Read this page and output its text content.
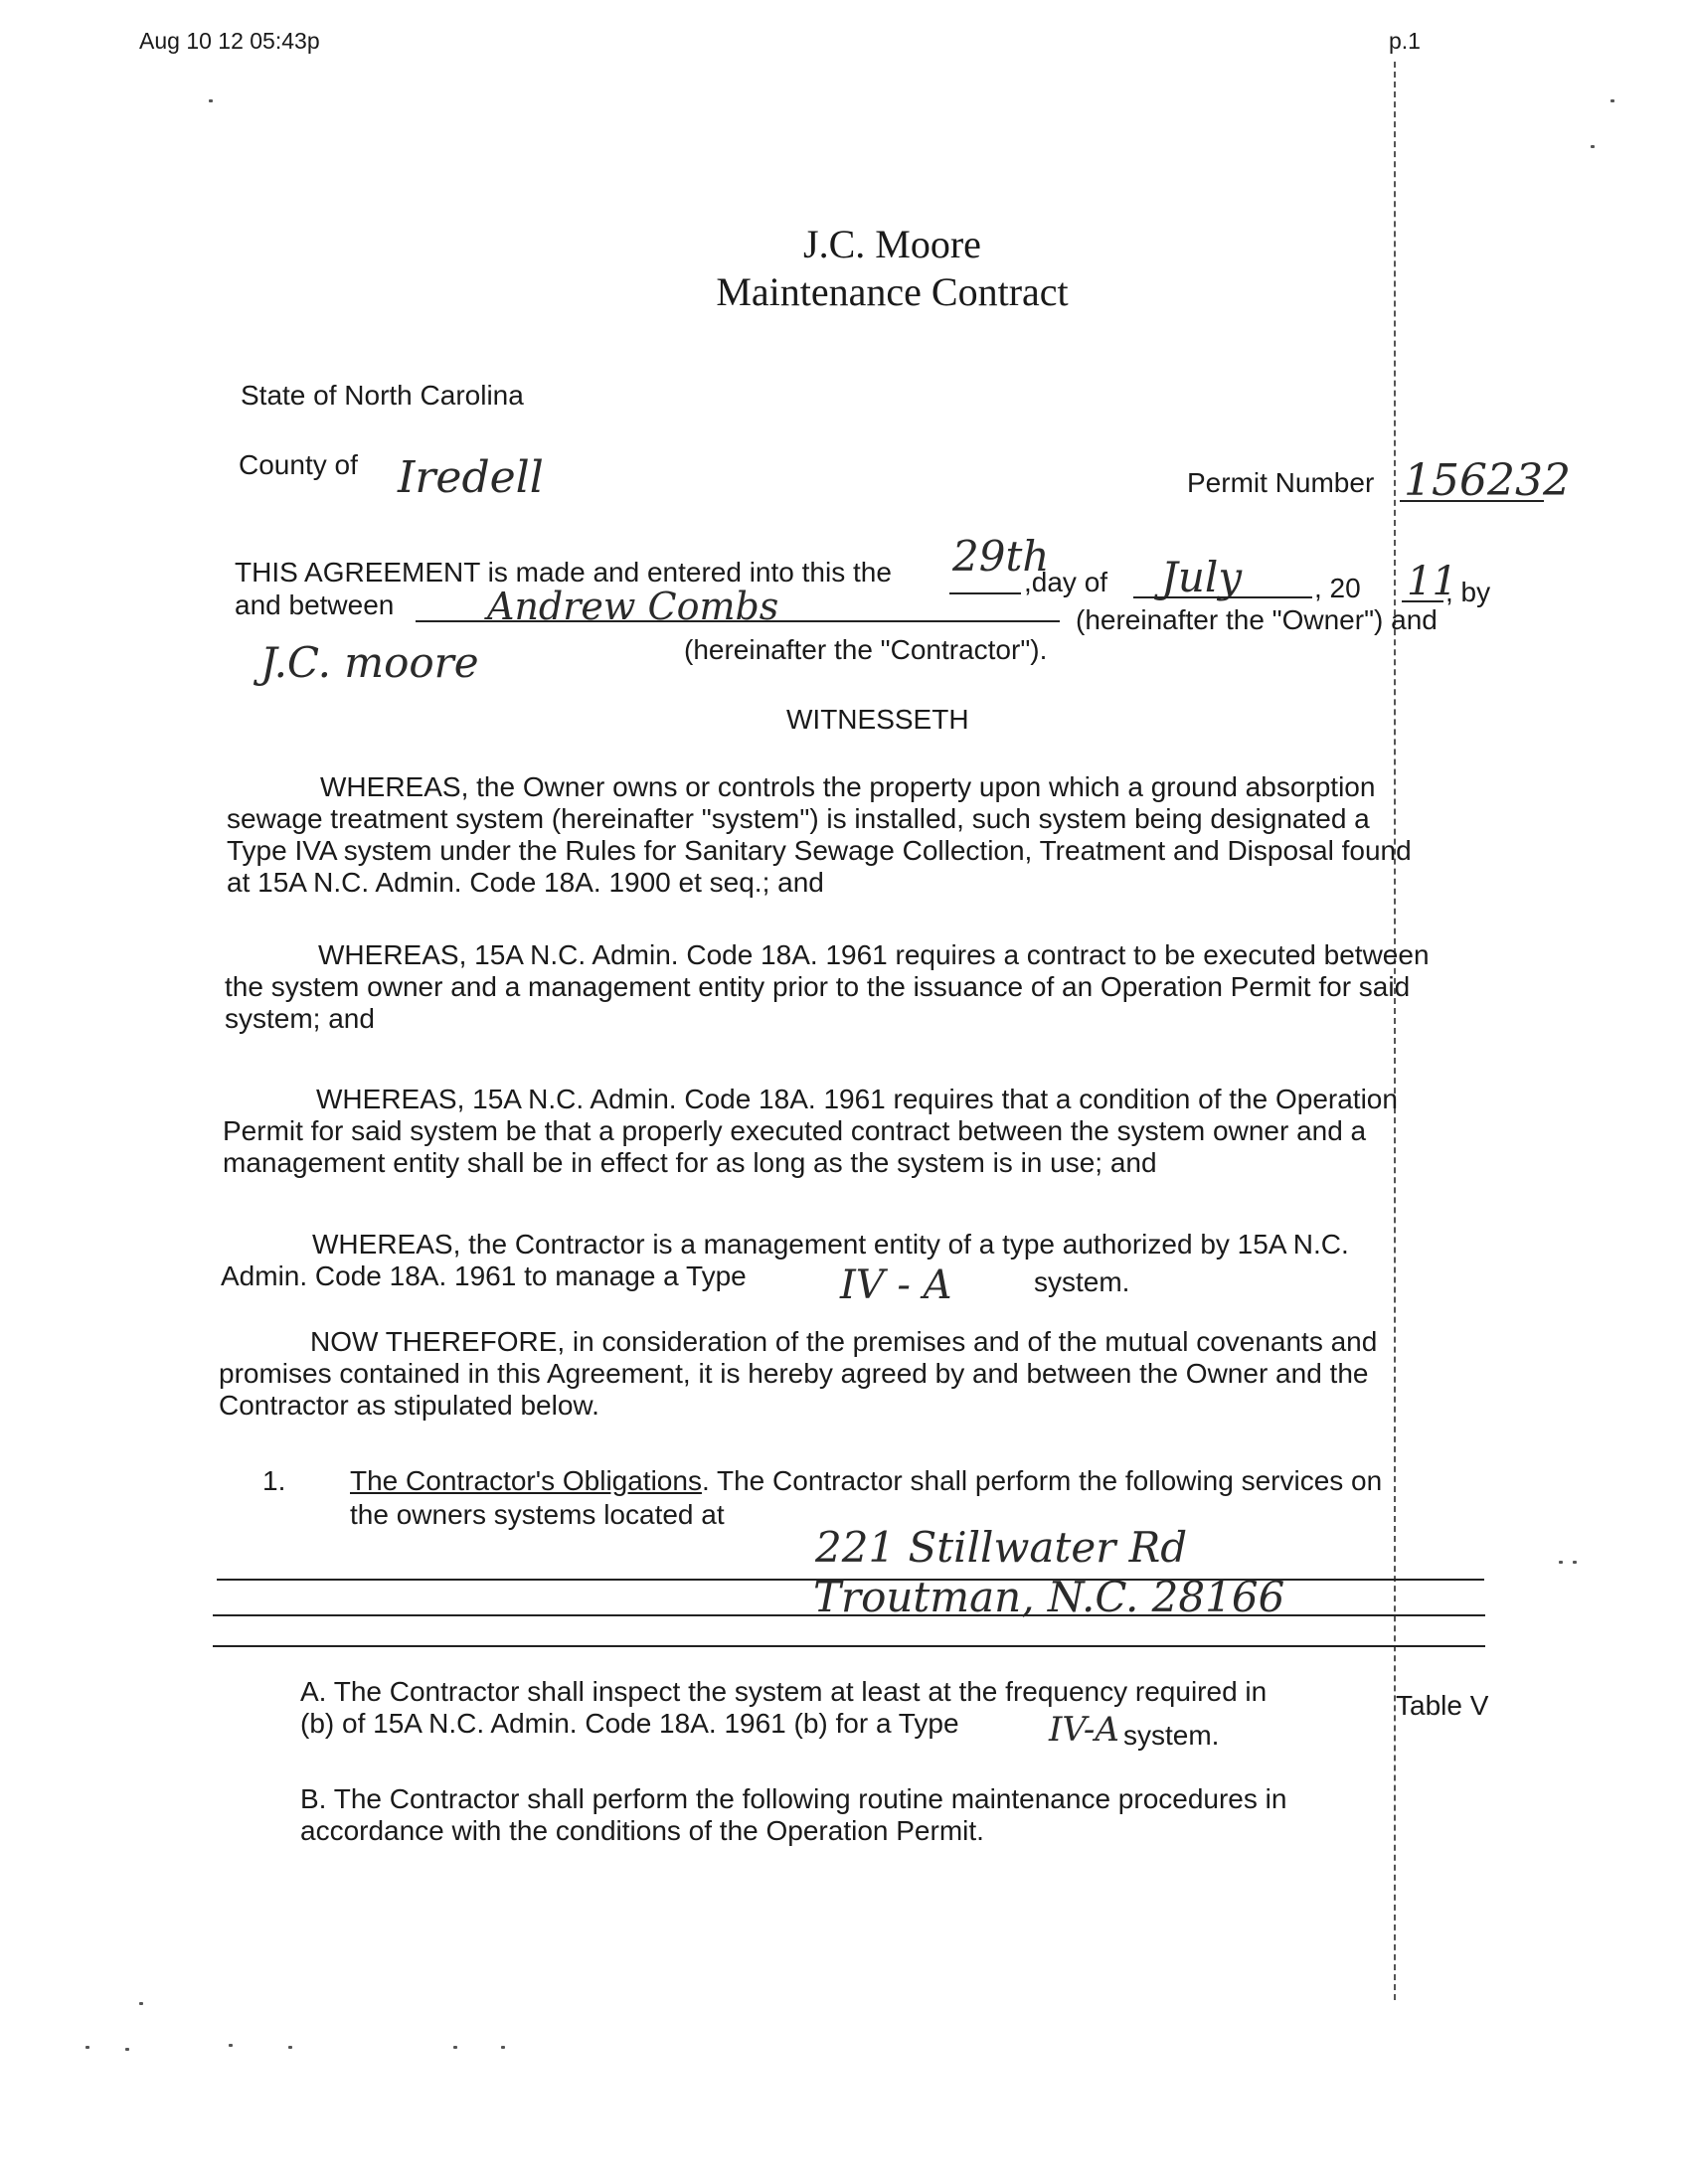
Aug 10 12 05:43p	p.1
J.C. Moore
Maintenance Contract
State of North Carolina
County of Iredell	Permit Number 156232
THIS AGREEMENT is made and entered into this the 29th
,day of July	, 20 11
, by
and between Andrew Combs	(hereinafter the "Owner") and
J.C. moore	(hereinafter the "Contractor").
WITNESSETH
WHEREAS, the Owner owns or controls the property upon which a ground absorption
sewage treatment system (hereinafter "system") is installed, such system being designated a
Type IVA system under the Rules for Sanitary Sewage Collection, Treatment and Disposal found
at 15A N.C. Admin. Code 18A. 1900 et seq.; and
WHEREAS, 15A N.C. Admin. Code 18A. 1961 requires a contract to be executed between
the system owner and a management entity prior to the issuance of an Operation Permit for said
system; and
WHEREAS, 15A N.C. Admin. Code 18A. 1961 requires that a condition of the Operation
Permit for said system be that a properly executed contract between the system owner and a
management entity shall be in effect for as long as the system is in use; and
WHEREAS, the Contractor is a management entity of a type authorized by 15A N.C.
Admin. Code 18A. 1961 to manage a Type IV - A	system.
NOW THEREFORE, in consideration of the premises and of the mutual covenants and
promises contained in this Agreement, it is hereby agreed by and between the Owner and the
Contractor as stipulated below.
1. The Contractor's Obligations. The Contractor shall perform the following services on
the owners systems located at
221 Stillwater Rd
Troutman, N.C. 28166
A. The Contractor shall inspect the system at least at the frequency required in	Table V
(b) of 15A N.C. Admin. Code 18A. 1961 (b) for a Type	IV-A system.
B. The Contractor shall perform the following routine maintenance procedures in
accordance with the conditions of the Operation Permit.
